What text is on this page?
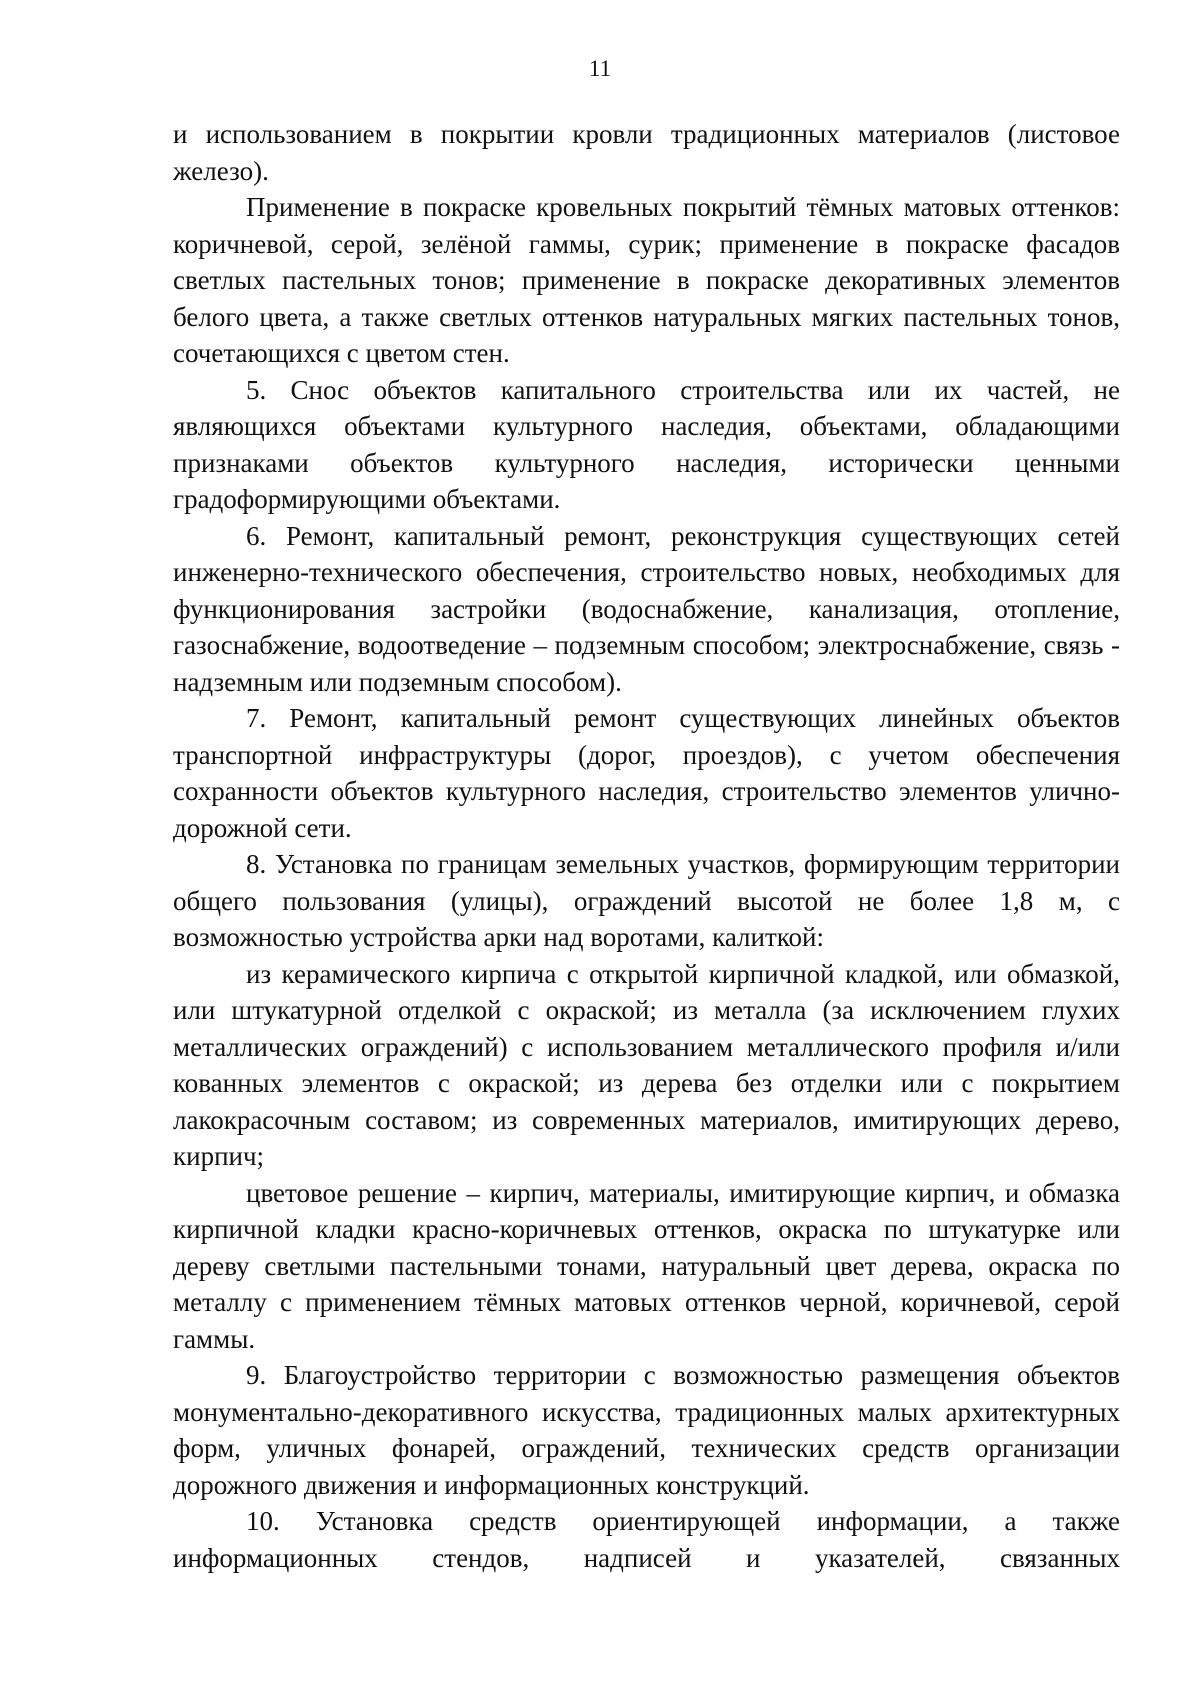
11

и использованием в покрытии кровли традиционных материалов (листовое железо).

Применение в покраске кровельных покрытий тёмных матовых оттенков: коричневой, серой, зелёной гаммы, сурик; применение в покраске фасадов светлых пастельных тонов; применение в покраске декоративных элементов белого цвета, а также светлых оттенков натуральных мягких пастельных тонов, сочетающихся с цветом стен.

5. Снос объектов капитального строительства или их частей, не являющихся объектами культурного наследия, объектами, обладающими признаками объектов культурного наследия, исторически ценными градоформирующими объектами.

6. Ремонт, капитальный ремонт, реконструкция существующих сетей инженерно-технического обеспечения, строительство новых, необходимых для функционирования застройки (водоснабжение, канализация, отопление, газоснабжение, водоотведение – подземным способом; электроснабжение, связь - надземным или подземным способом).

7. Ремонт, капитальный ремонт существующих линейных объектов транспортной инфраструктуры (дорог, проездов), с учетом обеспечения сохранности объектов культурного наследия, строительство элементов улично-дорожной сети.

8. Установка по границам земельных участков, формирующим территории общего пользования (улицы), ограждений высотой не более 1,8 м, с возможностью устройства арки над воротами, калиткой:

из керамического кирпича с открытой кирпичной кладкой, или обмазкой, или штукатурной отделкой с окраской; из металла (за исключением глухих металлических ограждений) с использованием металлического профиля и/или кованных элементов с окраской; из дерева без отделки или с покрытием лакокрасочным составом; из современных материалов, имитирующих дерево, кирпич;

цветовое решение – кирпич, материалы, имитирующие кирпич, и обмазка кирпичной кладки красно-коричневых оттенков, окраска по штукатурке или дереву светлыми пастельными тонами, натуральный цвет дерева, окраска по металлу с применением тёмных матовых оттенков черной, коричневой, серой гаммы.

9. Благоустройство территории с возможностью размещения объектов монументально-декоративного искусства, традиционных малых архитектурных форм, уличных фонарей, ограждений, технических средств организации дорожного движения и информационных конструкций.

10. Установка средств ориентирующей информации, а также информационных стендов, надписей и указателей, связанных
